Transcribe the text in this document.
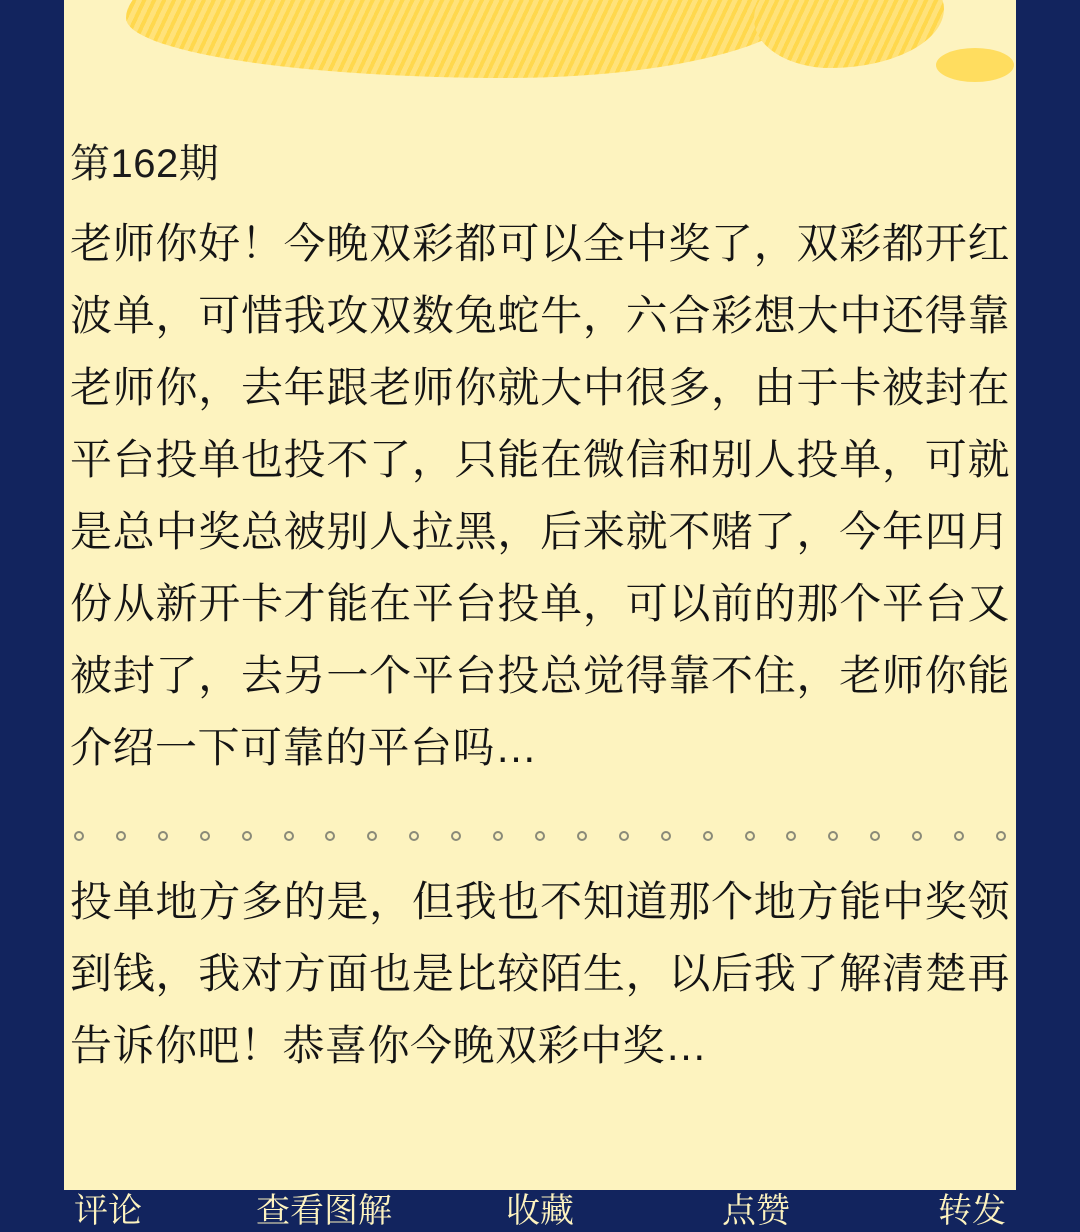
第162期
老师你好！今晚双彩都可以全中奖了，双彩都开红波单，可惜我攻双数兔蛇牛，六合彩想大中还得靠老师你，去年跟老师你就大中很多，由于卡被封在平台投单也投不了，只能在微信和别人投单，可就是总中奖总被别人拉黑，后来就不赌了，今年四月份从新开卡才能在平台投单，可以前的那个平台又被封了，去另一个平台投总觉得靠不住，老师你能介绍一下可靠的平台吗…
投单地方多的是，但我也不知道那个地方能中奖领到钱，我对方面也是比较陌生，以后我了解清楚再告诉你吧！恭喜你今晚双彩中奖…
评论	查看图解	收藏	点赞	转发
